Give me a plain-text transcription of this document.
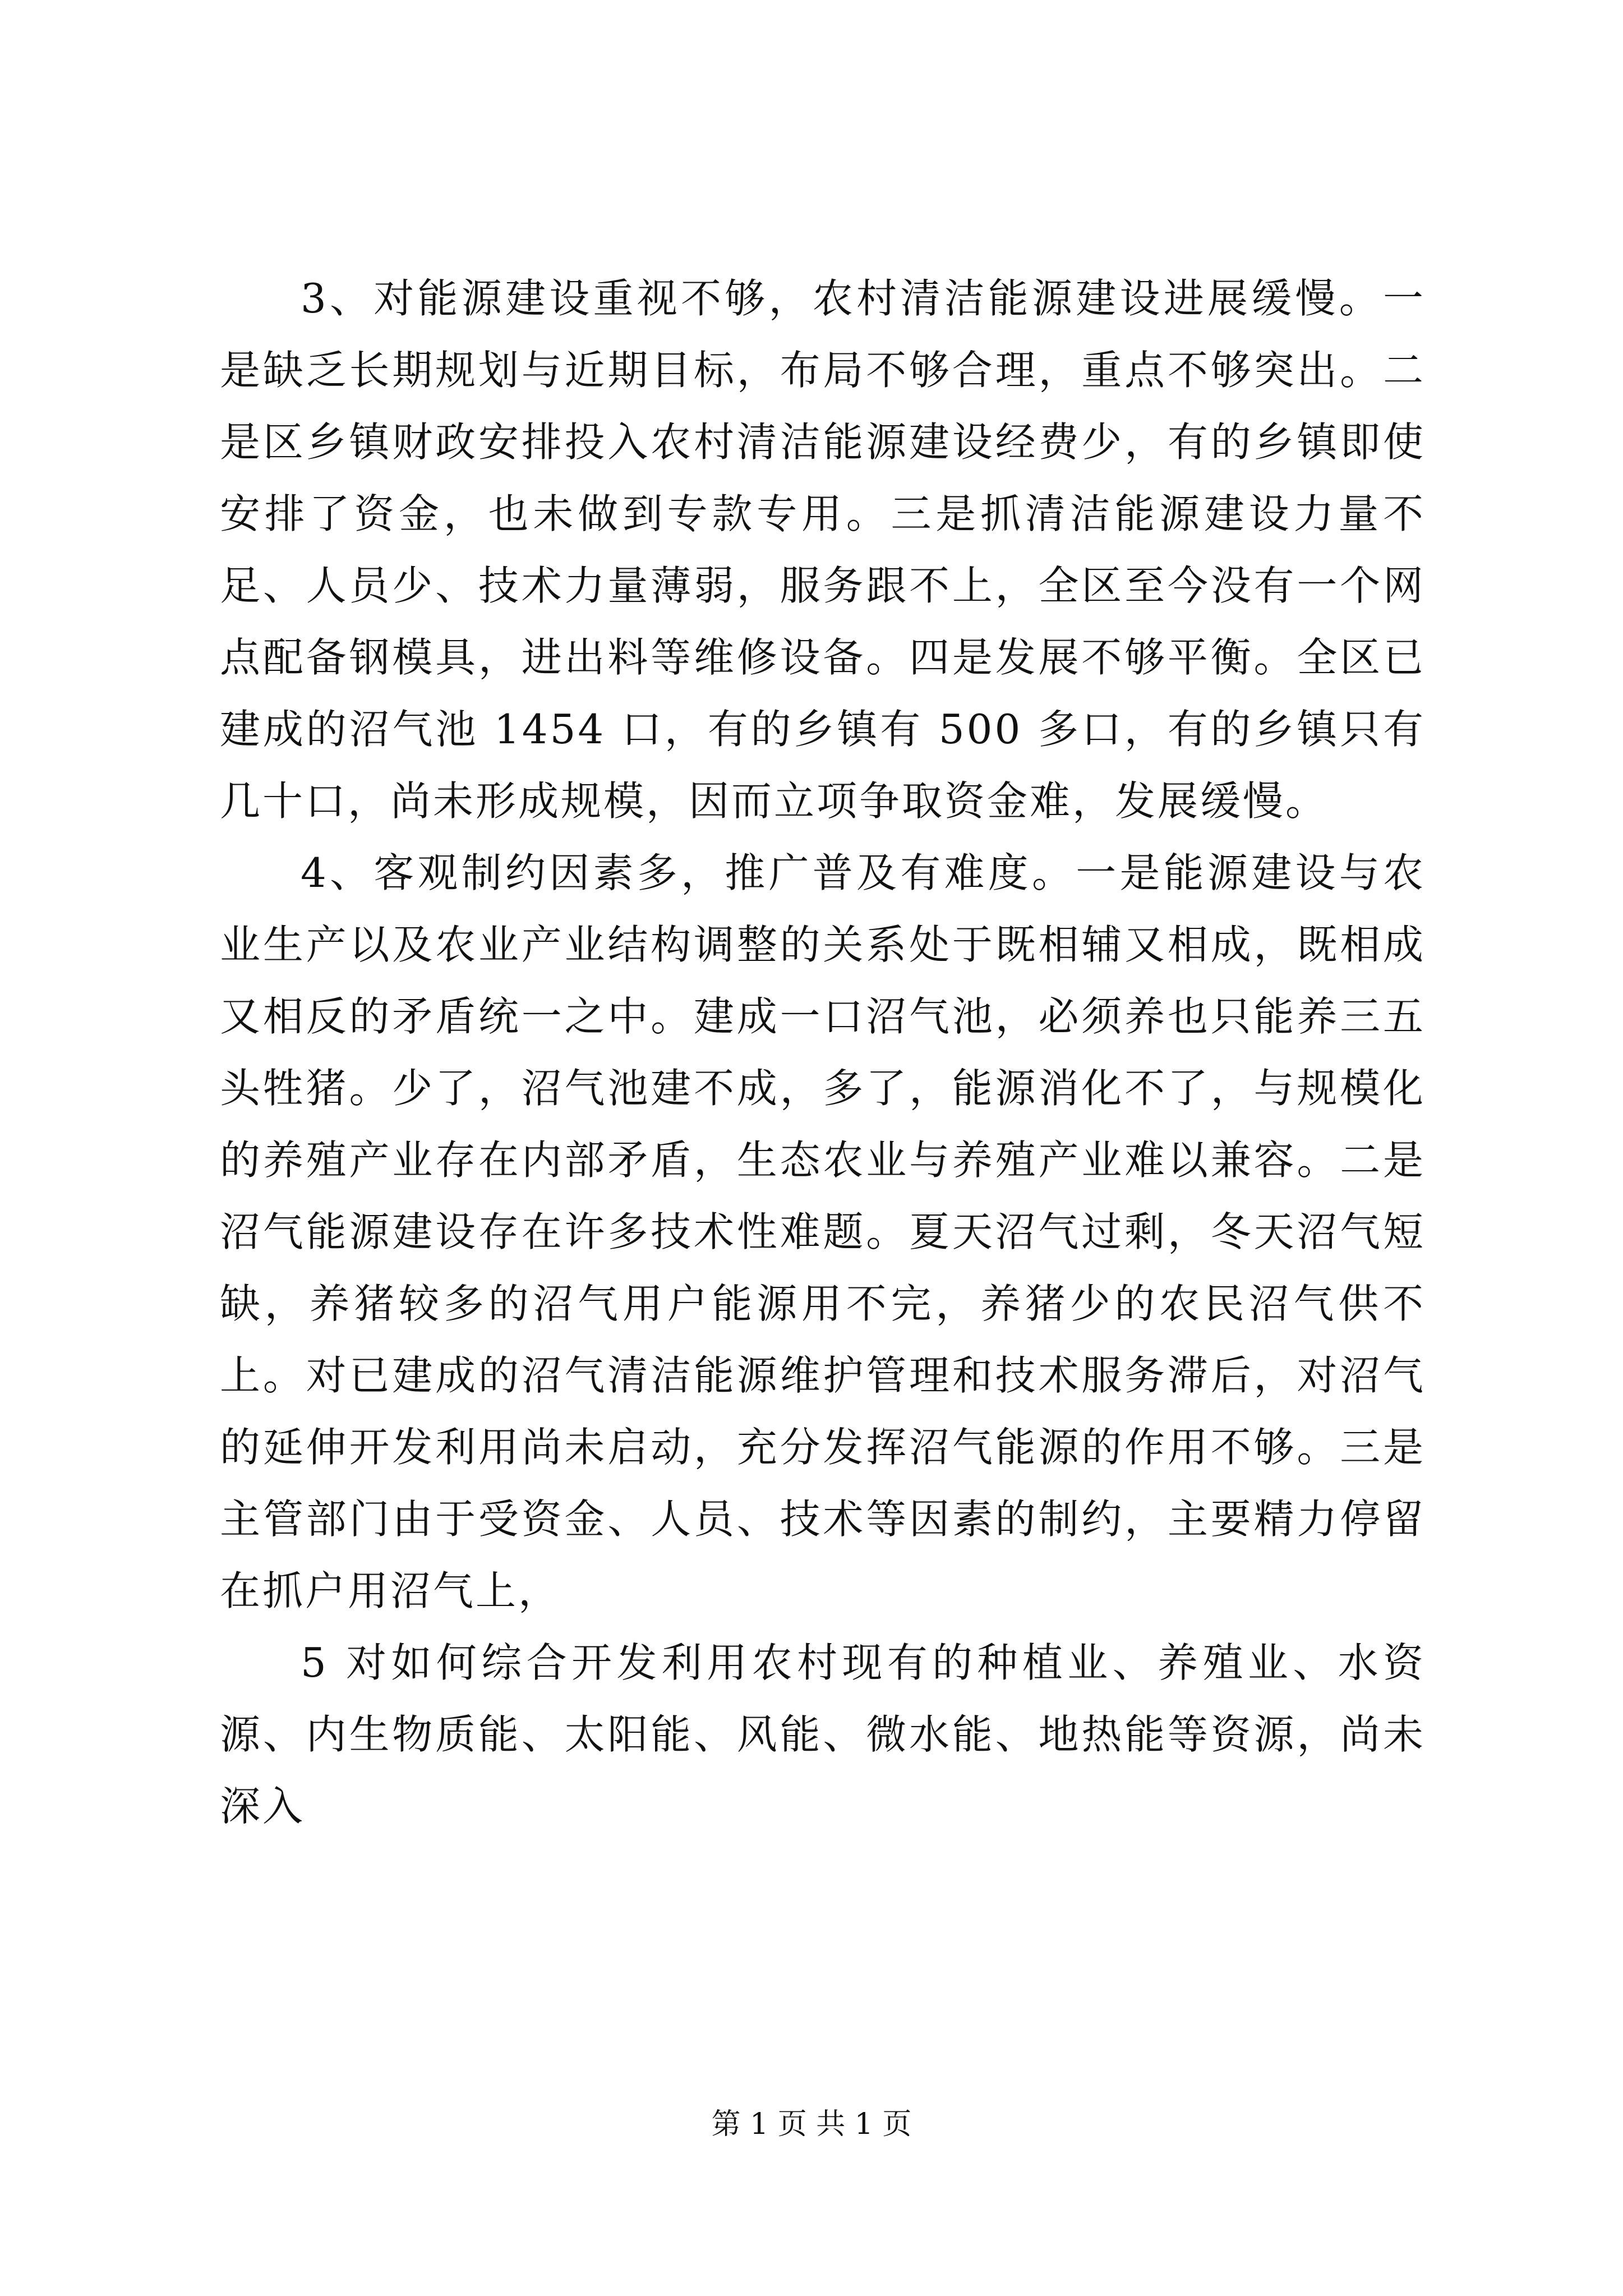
3、对能源建设重视不够，农村清洁能源建设进展缓慢。一是缺乏长期规划与近期目标，布局不够合理，重点不够突出。二是区乡镇财政安排投入农村清洁能源建设经费少，有的乡镇即使安排了资金，也未做到专款专用。三是抓清洁能源建设力量不足、人员少、技术力量薄弱，服务跟不上，全区至今没有一个网点配备钢模具，进出料等维修设备。四是发展不够平衡。全区已建成的沼气池 1454 口，有的乡镇有 500 多口，有的乡镇只有几十口，尚未形成规模，因而立项争取资金难，发展缓慢。

4、客观制约因素多，推广普及有难度。一是能源建设与农业生产以及农业产业结构调整的关系处于既相辅又相成，既相成又相反的矛盾统一之中。建成一口沼气池，必须养也只能养三五头牲猪。少了，沼气池建不成，多了，能源消化不了，与规模化的养殖产业存在内部矛盾，生态农业与养殖产业难以兼容。二是沼气能源建设存在许多技术性难题。夏天沼气过剩，冬天沼气短缺，养猪较多的沼气用户能源用不完，养猪少的农民沼气供不上。对已建成的沼气清洁能源维护管理和技术服务滞后，对沼气的延伸开发利用尚未启动，充分发挥沼气能源的作用不够。三是主管部门由于受资金、人员、技术等因素的制约，主要精力停留在抓户用沼气上，

5 对如何综合开发利用农村现有的种植业、养殖业、水资源、内生物质能、太阳能、风能、微水能、地热能等资源，尚未深入

第 1 页 共 1 页
